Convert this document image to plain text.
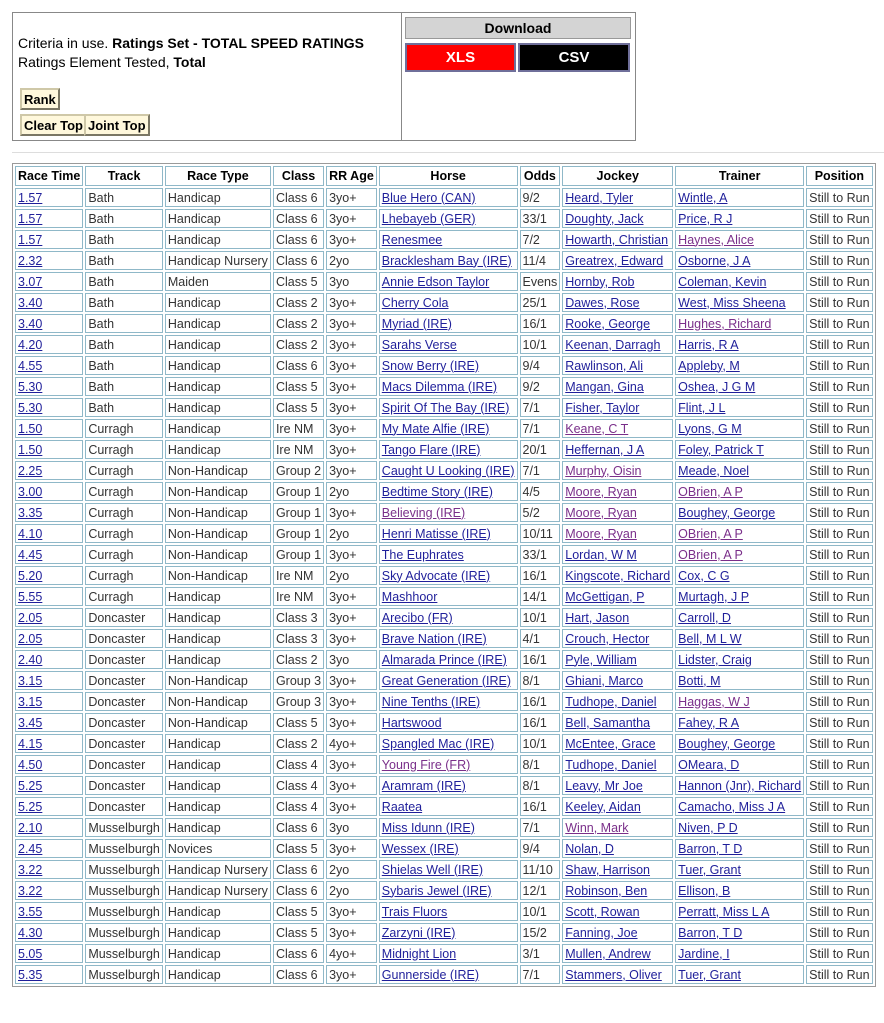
Criteria in use. Ratings Set - TOTAL SPEED RATINGS
Ratings Element Tested, Total
Rank
Clear Top Joint Top
Download
XLS	CSV
Race Time	Track	Race Type	Class	RR Age	Horse	Odds	Jockey	Trainer	Position
1.57	Bath	Handicap	Class 6	3yo+	Blue Hero (CAN)	9/2	Heard, Tyler	Wintle, A	Still to Run
1.57	Bath	Handicap	Class 6	3yo+	Lhebayeb (GER)	33/1	Doughty, Jack	Price, R J	Still to Run
1.57	Bath	Handicap	Class 6	3yo+	Renesmee	7/2	Howarth, Christian	Haynes, Alice	Still to Run
2.32	Bath	Handicap Nursery	Class 6	2yo	Bracklesham Bay (IRE)	11/4	Greatrex, Edward	Osborne, J A	Still to Run
3.07	Bath	Maiden	Class 5	3yo	Annie Edson Taylor	Evens	Hornby, Rob	Coleman, Kevin	Still to Run
3.40	Bath	Handicap	Class 2	3yo+	Cherry Cola	25/1	Dawes, Rose	West, Miss Sheena	Still to Run
3.40	Bath	Handicap	Class 2	3yo+	Myriad (IRE)	16/1	Rooke, George	Hughes, Richard	Still to Run
4.20	Bath	Handicap	Class 2	3yo+	Sarahs Verse	10/1	Keenan, Darragh	Harris, R A	Still to Run
4.55	Bath	Handicap	Class 6	3yo+	Snow Berry (IRE)	9/4	Rawlinson, Ali	Appleby, M	Still to Run
5.30	Bath	Handicap	Class 5	3yo+	Macs Dilemma (IRE)	9/2	Mangan, Gina	Oshea, J G M	Still to Run
5.30	Bath	Handicap	Class 5	3yo+	Spirit Of The Bay (IRE)	7/1	Fisher, Taylor	Flint, J L	Still to Run
1.50	Curragh	Handicap	Ire NM	3yo+	My Mate Alfie (IRE)	7/1	Keane, C T	Lyons, G M	Still to Run
1.50	Curragh	Handicap	Ire NM	3yo+	Tango Flare (IRE)	20/1	Heffernan, J A	Foley, Patrick T	Still to Run
2.25	Curragh	Non-Handicap	Group 2	3yo+	Caught U Looking (IRE)	7/1	Murphy, Oisin	Meade, Noel	Still to Run
3.00	Curragh	Non-Handicap	Group 1	2yo	Bedtime Story (IRE)	4/5	Moore, Ryan	OBrien, A P	Still to Run
3.35	Curragh	Non-Handicap	Group 1	3yo+	Believing (IRE)	5/2	Moore, Ryan	Boughey, George	Still to Run
4.10	Curragh	Non-Handicap	Group 1	2yo	Henri Matisse (IRE)	10/11	Moore, Ryan	OBrien, A P	Still to Run
4.45	Curragh	Non-Handicap	Group 1	3yo+	The Euphrates	33/1	Lordan, W M	OBrien, A P	Still to Run
5.20	Curragh	Non-Handicap	Ire NM	2yo	Sky Advocate (IRE)	16/1	Kingscote, Richard	Cox, C G	Still to Run
5.55	Curragh	Handicap	Ire NM	3yo+	Mashhoor	14/1	McGettigan, P	Murtagh, J P	Still to Run
2.05	Doncaster	Handicap	Class 3	3yo+	Arecibo (FR)	10/1	Hart, Jason	Carroll, D	Still to Run
2.05	Doncaster	Handicap	Class 3	3yo+	Brave Nation (IRE)	4/1	Crouch, Hector	Bell, M L W	Still to Run
2.40	Doncaster	Handicap	Class 2	3yo	Almarada Prince (IRE)	16/1	Pyle, William	Lidster, Craig	Still to Run
3.15	Doncaster	Non-Handicap	Group 3	3yo+	Great Generation (IRE)	8/1	Ghiani, Marco	Botti, M	Still to Run
3.15	Doncaster	Non-Handicap	Group 3	3yo+	Nine Tenths (IRE)	16/1	Tudhope, Daniel	Haggas, W J	Still to Run
3.45	Doncaster	Non-Handicap	Class 5	3yo+	Hartswood	16/1	Bell, Samantha	Fahey, R A	Still to Run
4.15	Doncaster	Handicap	Class 2	4yo+	Spangled Mac (IRE)	10/1	McEntee, Grace	Boughey, George	Still to Run
4.50	Doncaster	Handicap	Class 4	3yo+	Young Fire (FR)	8/1	Tudhope, Daniel	OMeara, D	Still to Run
5.25	Doncaster	Handicap	Class 4	3yo+	Aramram (IRE)	8/1	Leavy, Mr Joe	Hannon (Jnr), Richard	Still to Run
5.25	Doncaster	Handicap	Class 4	3yo+	Raatea	16/1	Keeley, Aidan	Camacho, Miss J A	Still to Run
2.10	Musselburgh	Handicap	Class 6	3yo	Miss Idunn (IRE)	7/1	Winn, Mark	Niven, P D	Still to Run
2.45	Musselburgh	Novices	Class 5	3yo+	Wessex (IRE)	9/4	Nolan, D	Barron, T D	Still to Run
3.22	Musselburgh	Handicap Nursery	Class 6	2yo	Shielas Well (IRE)	11/10	Shaw, Harrison	Tuer, Grant	Still to Run
3.22	Musselburgh	Handicap Nursery	Class 6	2yo	Sybaris Jewel (IRE)	12/1	Robinson, Ben	Ellison, B	Still to Run
3.55	Musselburgh	Handicap	Class 5	3yo+	Trais Fluors	10/1	Scott, Rowan	Perratt, Miss L A	Still to Run
4.30	Musselburgh	Handicap	Class 5	3yo+	Zarzyni (IRE)	15/2	Fanning, Joe	Barron, T D	Still to Run
5.05	Musselburgh	Handicap	Class 6	4yo+	Midnight Lion	3/1	Mullen, Andrew	Jardine, I	Still to Run
5.35	Musselburgh	Handicap	Class 6	3yo+	Gunnerside (IRE)	7/1	Stammers, Oliver	Tuer, Grant	Still to Run
